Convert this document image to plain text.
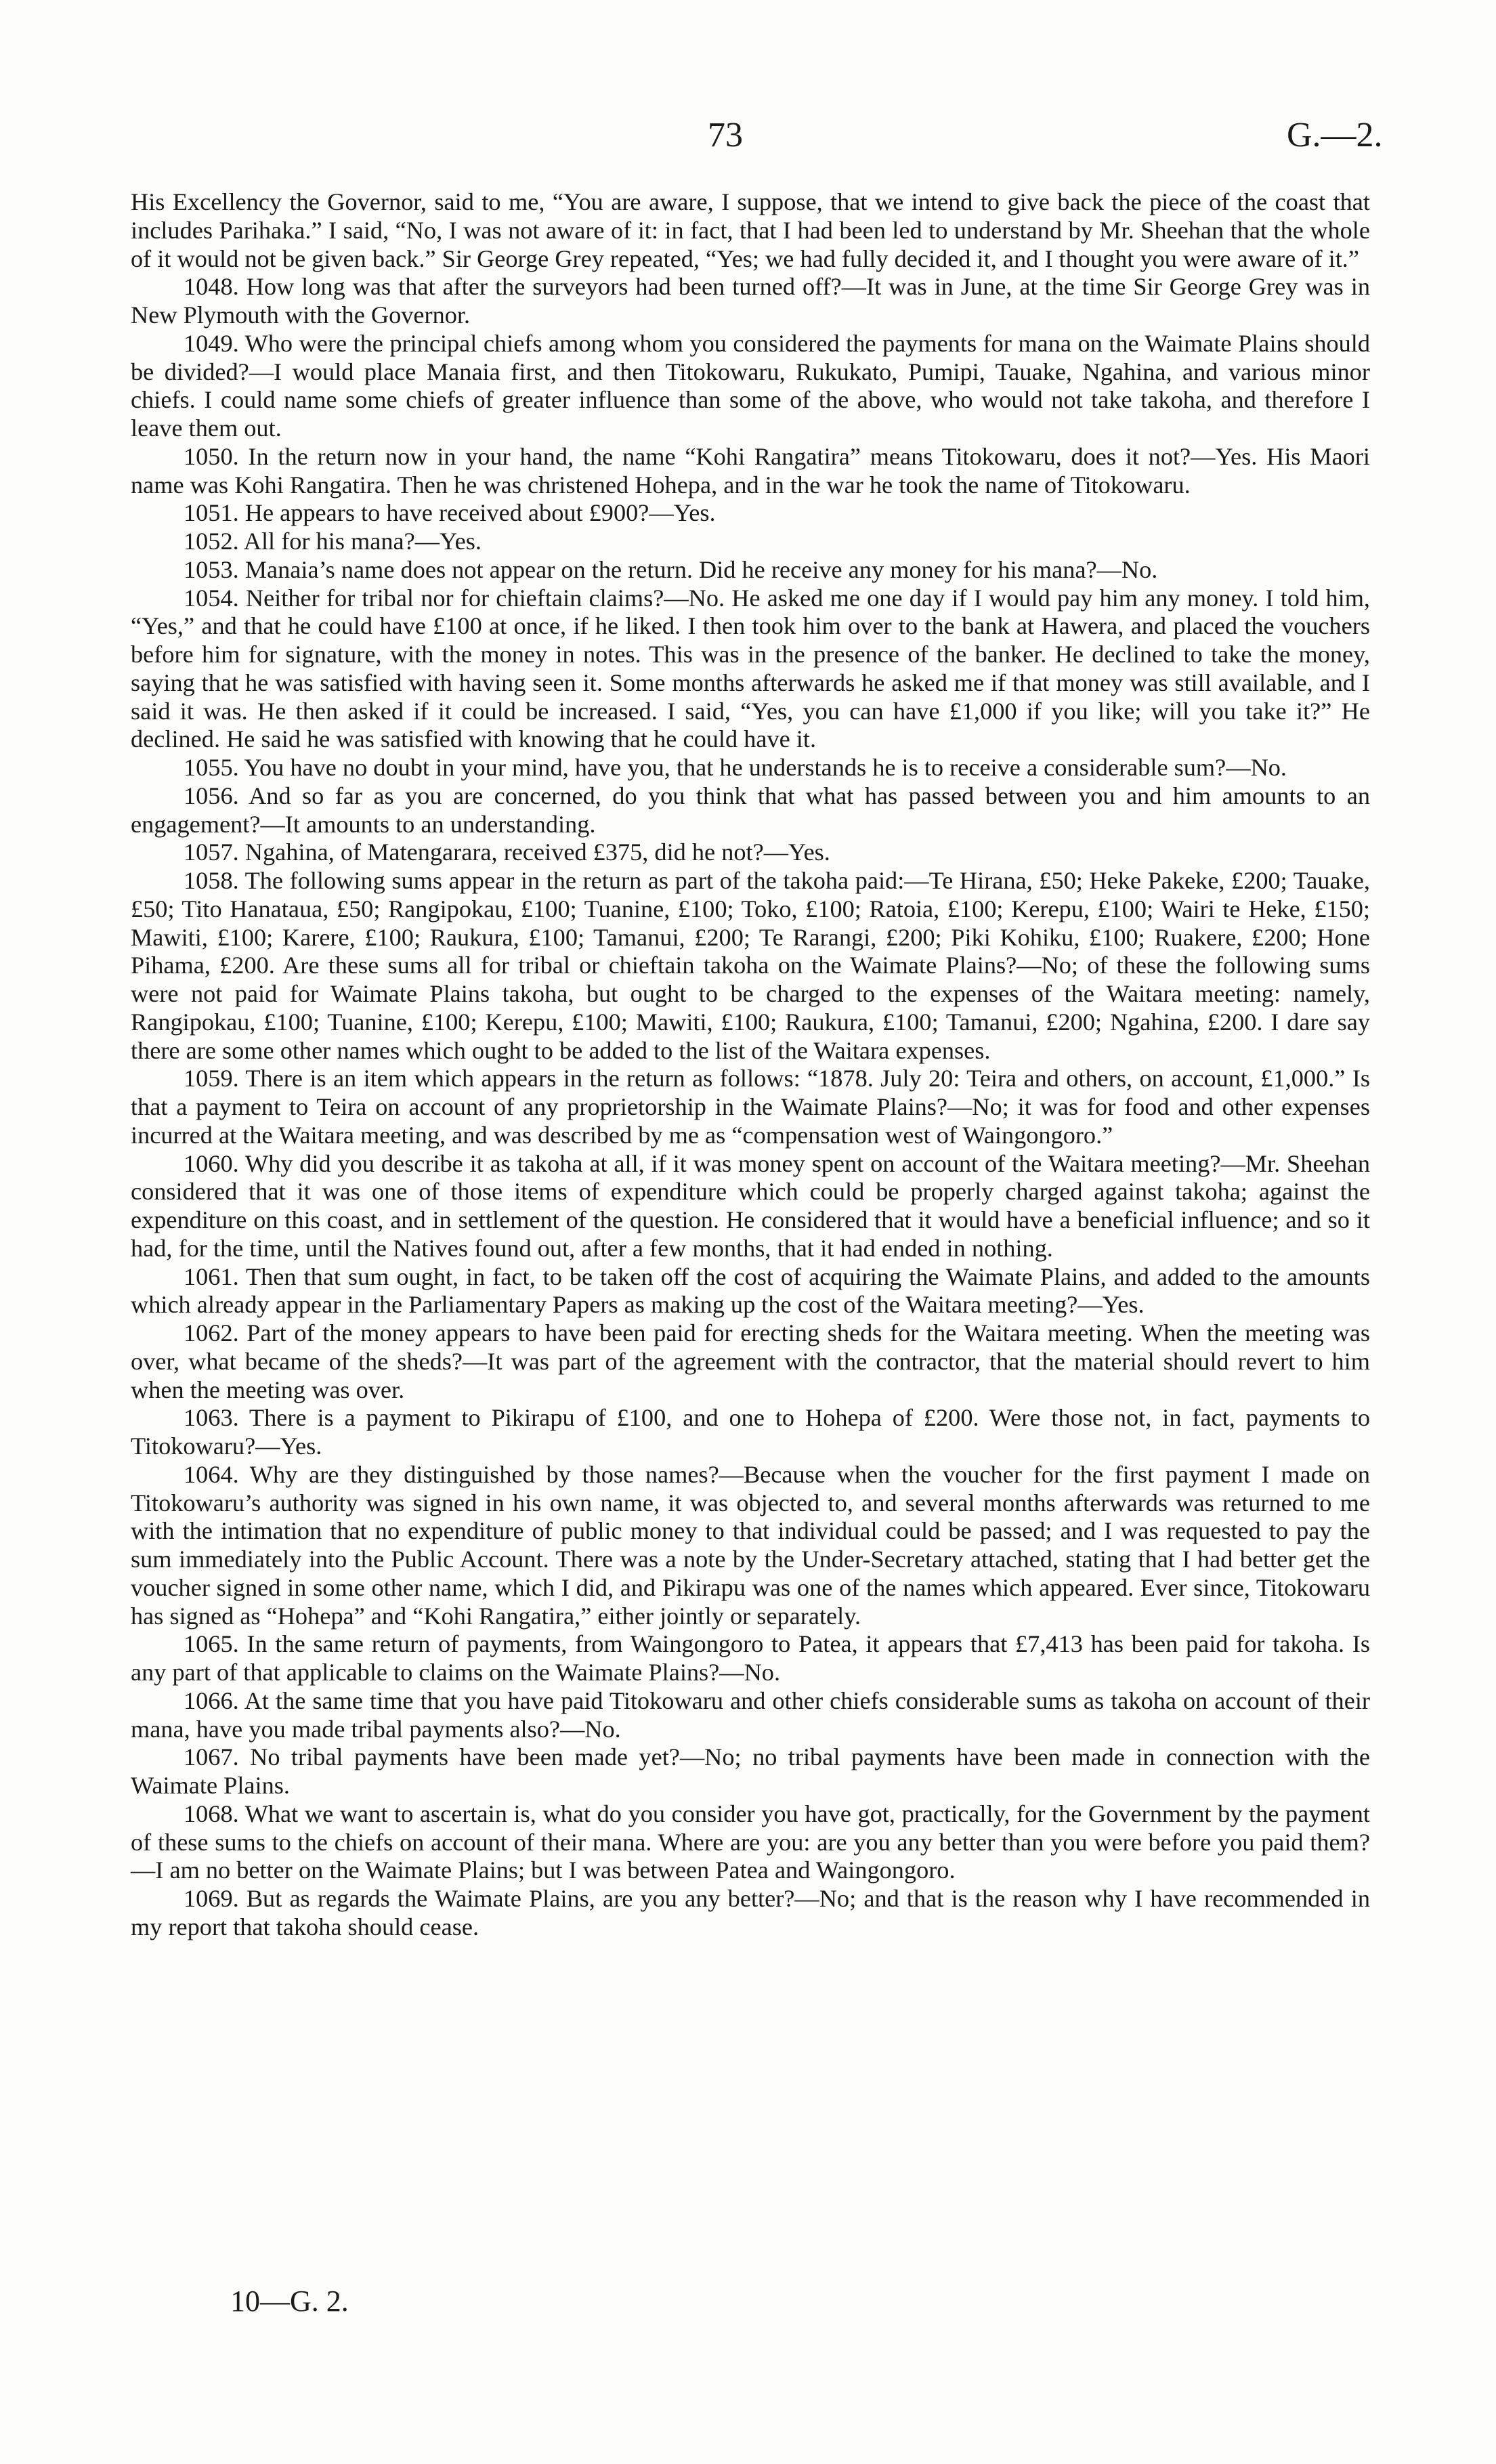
73	G.—2.

His Excellency the Governor, said to me, “You are aware, I suppose, that we intend to give back the piece of the coast that includes Parihaka.” I said, “No, I was not aware of it: in fact, that I had been led to understand by Mr. Sheehan that the whole of it would not be given back.” Sir George Grey repeated, “Yes; we had fully decided it, and I thought you were aware of it.”

1048. How long was that after the surveyors had been turned off?—It was in June, at the time Sir George Grey was in New Plymouth with the Governor.

1049. Who were the principal chiefs among whom you considered the payments for mana on the Waimate Plains should be divided?—I would place Manaia first, and then Titokowaru, Rukukato, Pumipi, Tauake, Ngahina, and various minor chiefs. I could name some chiefs of greater influence than some of the above, who would not take takoha, and therefore I leave them out.

1050. In the return now in your hand, the name “Kohi Rangatira” means Titokowaru, does it not?—Yes. His Maori name was Kohi Rangatira. Then he was christened Hohepa, and in the war he took the name of Titokowaru.

1051. He appears to have received about £900?—Yes.

1052. All for his mana?—Yes.

1053. Manaia’s name does not appear on the return. Did he receive any money for his mana?—No.

1054. Neither for tribal nor for chieftain claims?—No. He asked me one day if I would pay him any money. I told him, “Yes,” and that he could have £100 at once, if he liked. I then took him over to the bank at Hawera, and placed the vouchers before him for signature, with the money in notes. This was in the presence of the banker. He declined to take the money, saying that he was satisfied with having seen it. Some months afterwards he asked me if that money was still available, and I said it was. He then asked if it could be increased. I said, “Yes, you can have £1,000 if you like; will you take it?” He declined. He said he was satisfied with knowing that he could have it.

1055. You have no doubt in your mind, have you, that he understands he is to receive a considerable sum?—No.

1056. And so far as you are concerned, do you think that what has passed between you and him amounts to an engagement?—It amounts to an understanding.

1057. Ngahina, of Matengarara, received £375, did he not?—Yes.

1058. The following sums appear in the return as part of the takoha paid:—Te Hirana, £50; Heke Pakeke, £200; Tauake, £50; Tito Hanataua, £50; Rangipokau, £100; Tuanine, £100; Toko, £100; Ratoia, £100; Kerepu, £100; Wairi te Heke, £150; Mawiti, £100; Karere, £100; Raukura, £100; Tamanui, £200; Te Rarangi, £200; Piki Kohiku, £100; Ruakere, £200; Hone Pihama, £200. Are these sums all for tribal or chieftain takoha on the Waimate Plains?—No; of these the following sums were not paid for Waimate Plains takoha, but ought to be charged to the expenses of the Waitara meeting: namely, Rangipokau, £100; Tuanine, £100; Kerepu, £100; Mawiti, £100; Raukura, £100; Tamanui, £200; Ngahina, £200. I dare say there are some other names which ought to be added to the list of the Waitara expenses.

1059. There is an item which appears in the return as follows: “1878. July 20: Teira and others, on account, £1,000.” Is that a payment to Teira on account of any proprietorship in the Waimate Plains?—No; it was for food and other expenses incurred at the Waitara meeting, and was described by me as “compensation west of Waingongoro.”

1060. Why did you describe it as takoha at all, if it was money spent on account of the Waitara meeting?—Mr. Sheehan considered that it was one of those items of expenditure which could be properly charged against takoha; against the expenditure on this coast, and in settlement of the question. He considered that it would have a beneficial influence; and so it had, for the time, until the Natives found out, after a few months, that it had ended in nothing.

1061. Then that sum ought, in fact, to be taken off the cost of acquiring the Waimate Plains, and added to the amounts which already appear in the Parliamentary Papers as making up the cost of the Waitara meeting?—Yes.

1062. Part of the money appears to have been paid for erecting sheds for the Waitara meeting. When the meeting was over, what became of the sheds?—It was part of the agreement with the contractor, that the material should revert to him when the meeting was over.

1063. There is a payment to Pikirapu of £100, and one to Hohepa of £200. Were those not, in fact, payments to Titokowaru?—Yes.

1064. Why are they distinguished by those names?—Because when the voucher for the first payment I made on Titokowaru’s authority was signed in his own name, it was objected to, and several months afterwards was returned to me with the intimation that no expenditure of public money to that individual could be passed; and I was requested to pay the sum immediately into the Public Account. There was a note by the Under-Secretary attached, stating that I had better get the voucher signed in some other name, which I did, and Pikirapu was one of the names which appeared. Ever since, Titokowaru has signed as “Hohepa” and “Kohi Rangatira,” either jointly or separately.

1065. In the same return of payments, from Waingongoro to Patea, it appears that £7,413 has been paid for takoha. Is any part of that applicable to claims on the Waimate Plains?—No.

1066. At the same time that you have paid Titokowaru and other chiefs considerable sums as takoha on account of their mana, have you made tribal payments also?—No.

1067. No tribal payments have been made yet?—No; no tribal payments have been made in connection with the Waimate Plains.

1068. What we want to ascertain is, what do you consider you have got, practically, for the Government by the payment of these sums to the chiefs on account of their mana. Where are you: are you any better than you were before you paid them?—I am no better on the Waimate Plains; but I was between Patea and Waingongoro.

1069. But as regards the Waimate Plains, are you any better?—No; and that is the reason why I have recommended in my report that takoha should cease.

10—G. 2.
